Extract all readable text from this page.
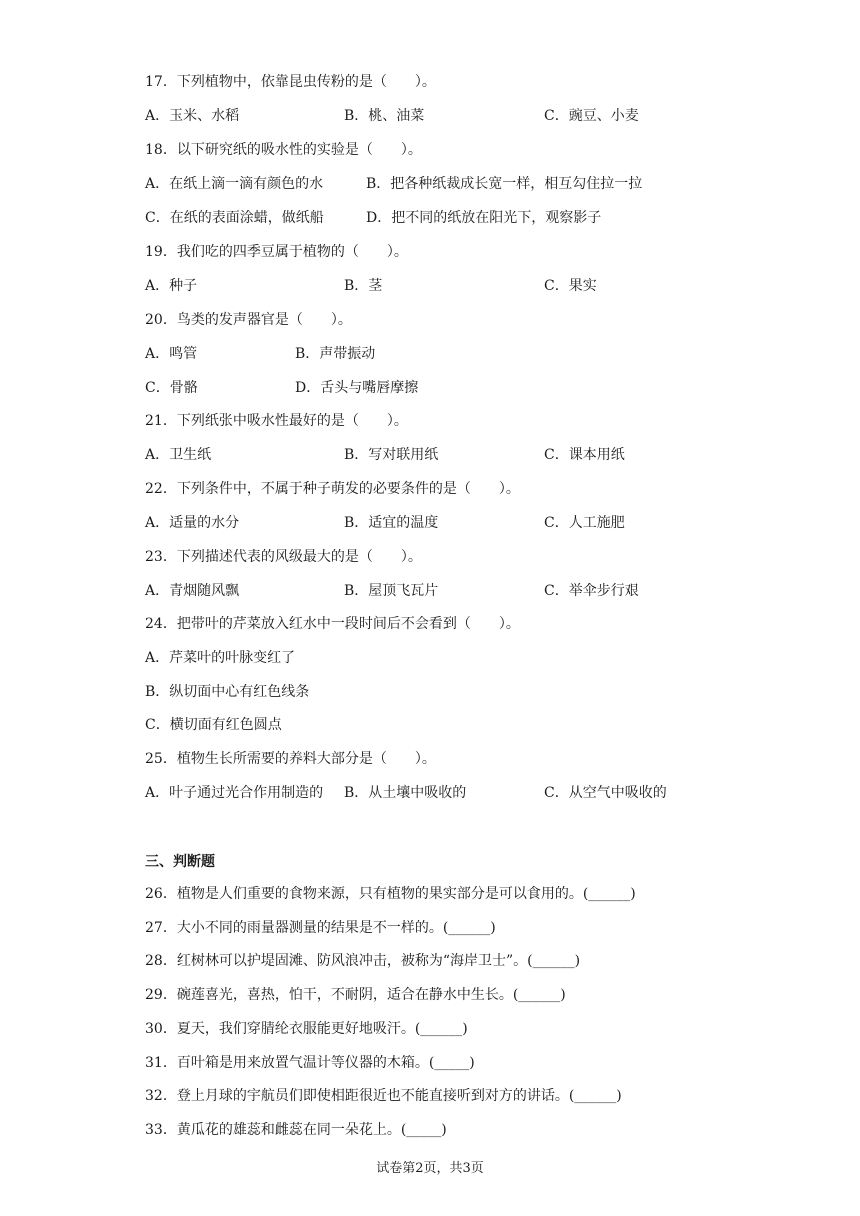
17．下列植物中，依靠昆虫传粉的是（　　）。
A．玉米、水稻	B．桃、油菜	C．豌豆、小麦
18．以下研究纸的吸水性的实验是（　　）。
A．在纸上滴一滴有颜色的水	B．把各种纸裁成长宽一样，相互勾住拉一拉
C．在纸的表面涂蜡，做纸船	D．把不同的纸放在阳光下，观察影子
19．我们吃的四季豆属于植物的（　　）。
A．种子	B．茎	C．果实
20．鸟类的发声器官是（　　）。
A．鸣管	B．声带振动
C．骨骼	D．舌头与嘴唇摩擦
21．下列纸张中吸水性最好的是（　　）。
A．卫生纸	B．写对联用纸	C．课本用纸
22．下列条件中，不属于种子萌发的必要条件的是（　　）。
A．适量的水分	B．适宜的温度	C．人工施肥
23．下列描述代表的风级最大的是（　　）。
A．青烟随风飘	B．屋顶飞瓦片	C．举伞步行艰
24．把带叶的芹菜放入红水中一段时间后不会看到（　　）。
A．芹菜叶的叶脉变红了
B．纵切面中心有红色线条
C．横切面有红色圆点
25．植物生长所需要的养料大部分是（　　）。
A．叶子通过光合作用制造的 B．从土壤中吸收的	C．从空气中吸收的
三、判断题
26．植物是人们重要的食物来源，只有植物的果实部分是可以食用的。(______)
27．大小不同的雨量器测量的结果是不一样的。(______)
28．红树林可以护堤固滩、防风浪冲击，被称为“海岸卫士”。(______)
29．碗莲喜光，喜热，怕干，不耐阴，适合在静水中生长。(______)
30．夏天，我们穿腈纶衣服能更好地吸汗。(______)
31．百叶箱是用来放置气温计等仪器的木箱。(_____)
32．登上月球的宇航员们即使相距很近也不能直接听到对方的讲话。(______)
33．黄瓜花的雄蕊和雌蕊在同一朵花上。(_____)
试卷第2页，共3页
